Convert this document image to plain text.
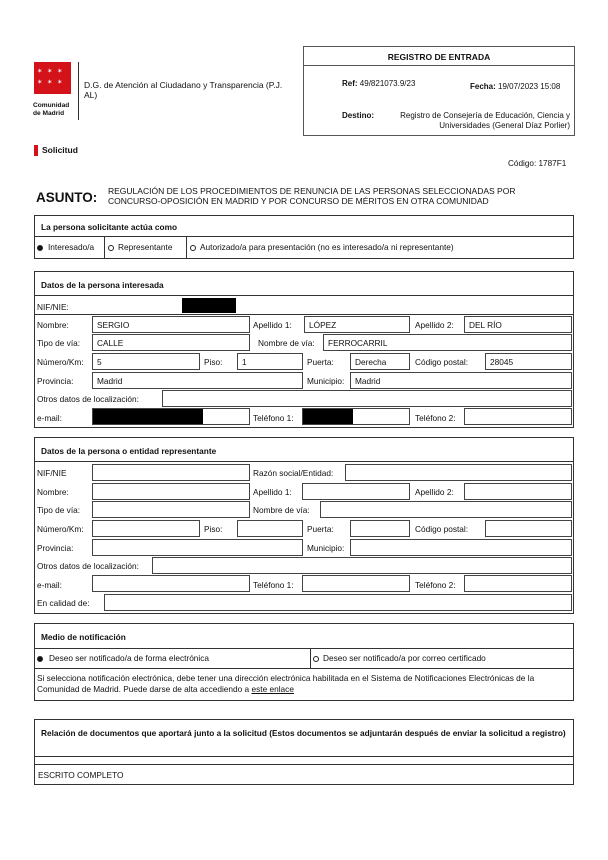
✶ ✶ ✶
✶ ✶ ✶
Comunidad
de Madrid
D.G. de Atención al Ciudadano y Transparencia (P.J. AL)
REGISTRO DE ENTRADA
Ref: 49/821073.9/23	Fecha: 19/07/2023 15:08
Destino:	Registro de Consejería de Educación, Ciencia y Universidades (General Díaz Porlier)
Solicitud
Código: 1787F1
ASUNTO: REGULACIÓN DE LOS PROCEDIMIENTOS DE RENUNCIA DE LAS PERSONAS SELECCIONADAS POR CONCURSO-OPOSICIÓN EN MADRID Y POR CONCURSO DE MÉRITOS EN OTRA COMUNIDAD
La persona solicitante actúa como
Interesado/a	Representante	Autorizado/a para presentación (no es interesado/a ni representante)
Datos de la persona interesada
NIF/NIE:
Nombre:	SERGIO	Apellido 1: LÓPEZ	Apellido 2: DEL RÍO
Tipo de vía: CALLE	Nombre de vía: FERROCARRIL
Número/Km: 5	Piso: 1	Puerta:	Derecha	Código postal:	28045
Provincia:	Madrid	Municipio: Madrid
Otros datos de localización:
e-mail:	Teléfono 1:	Teléfono 2:
Datos de la persona o entidad representante
NIF/NIE	Razón social/Entidad:
Nombre:	Apellido 1:	Apellido 2:
Tipo de vía:	Nombre de vía:
Número/Km:	Piso:	Puerta:	Código postal:
Provincia:	Municipio:
Otros datos de localización:
e-mail:	Teléfono 1:	Teléfono 2:
En calidad de:
Medio de notificación
Deseo ser notificado/a de forma electrónica	Deseo ser notificado/a por correo certificado
Si selecciona notificación electrónica, debe tener una dirección electrónica habilitada en el Sistema de Notificaciones Electrónicas de la Comunidad de Madrid. Puede darse de alta accediendo a este enlace
Relación de documentos que aportará junto a la solicitud (Estos documentos se adjuntarán después de enviar la solicitud a registro)
ESCRITO COMPLETO
